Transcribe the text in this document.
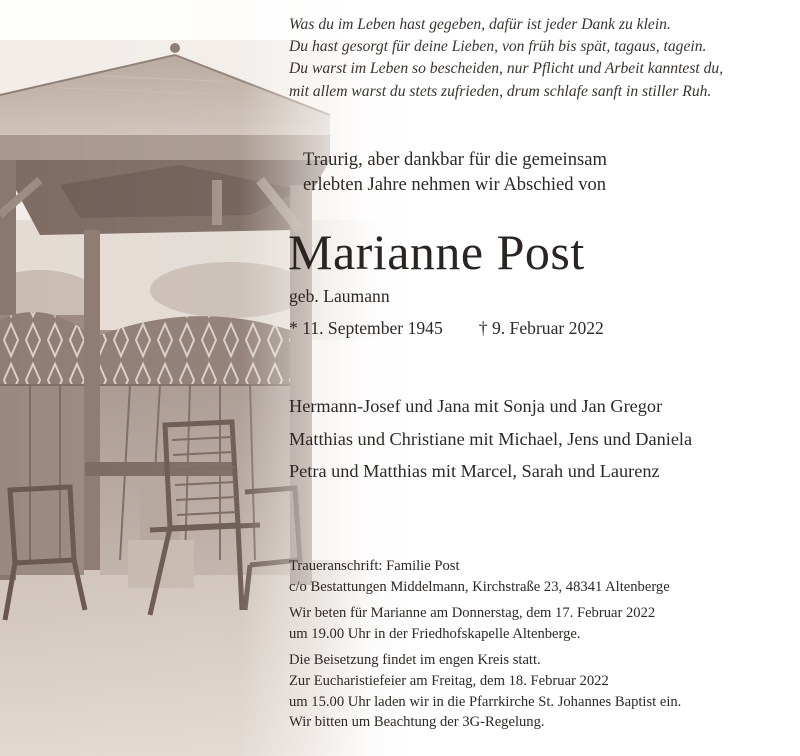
Was du im Leben hast gegeben, dafür ist jeder Dank zu klein.
Du hast gesorgt für deine Lieben, von früh bis spät, tagaus, tagein.
Du warst im Leben so bescheiden, nur Pflicht und Arbeit kanntest du,
mit allem warst du stets zufrieden, drum schlafe sanft in stiller Ruh.
Traurig, aber dankbar für die gemeinsam
erlebten Jahre nehmen wir Abschied von
Marianne Post
geb. Laumann
* 11. September 1945 † 9. Februar 2022
Hermann-Josef und Jana mit Sonja und Jan Gregor
Matthias und Christiane mit Michael, Jens und Daniela
Petra und Matthias mit Marcel, Sarah und Laurenz
Traueranschrift: Familie Post
c/o Bestattungen Middelmann, Kirchstraße 23, 48341 Altenberge
Wir beten für Marianne am Donnerstag, dem 17. Februar 2022
um 19.00 Uhr in der Friedhofskapelle Altenberge.
Die Beisetzung findet im engen Kreis statt.
Zur Eucharistiefeier am Freitag, dem 18. Februar 2022
um 15.00 Uhr laden wir in die Pfarrkirche St. Johannes Baptist ein.
Wir bitten um Beachtung der 3G-Regelung.
